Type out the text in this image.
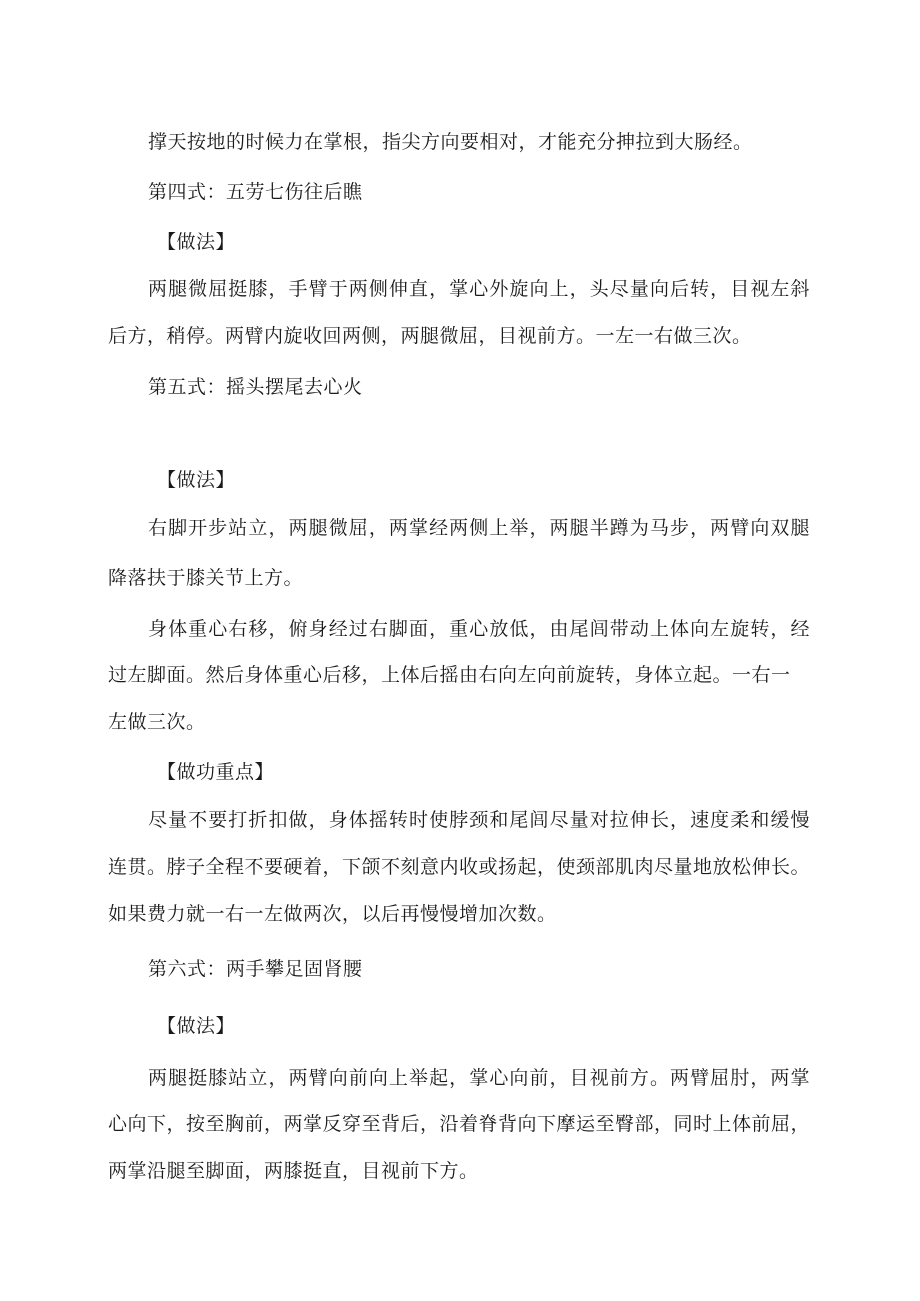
撑天按地的时候力在掌根，指尖方向要相对，才能充分抻拉到大肠经。
第四式：五劳七伤往后瞧
【做法】
两腿微屈挺膝，手臂于两侧伸直，掌心外旋向上，头尽量向后转，目视左斜
后方，稍停。两臂内旋收回两侧，两腿微屈，目视前方。一左一右做三次。
第五式：摇头摆尾去心火
【做法】
右脚开步站立，两腿微屈，两掌经两侧上举，两腿半蹲为马步，两臂向双腿
降落扶于膝关节上方。
身体重心右移，俯身经过右脚面，重心放低，由尾闾带动上体向左旋转，经
过左脚面。然后身体重心后移，上体后摇由右向左向前旋转，身体立起。一右一
左做三次。
【做功重点】
尽量不要打折扣做，身体摇转时使脖颈和尾闾尽量对拉伸长，速度柔和缓慢
连贯。脖子全程不要硬着，下颌不刻意内收或扬起，使颈部肌肉尽量地放松伸长。
如果费力就一右一左做两次，以后再慢慢增加次数。
第六式：两手攀足固肾腰
【做法】
两腿挺膝站立，两臂向前向上举起，掌心向前，目视前方。两臂屈肘，两掌
心向下，按至胸前，两掌反穿至背后，沿着脊背向下摩运至臀部，同时上体前屈，
两掌沿腿至脚面，两膝挺直，目视前下方。
